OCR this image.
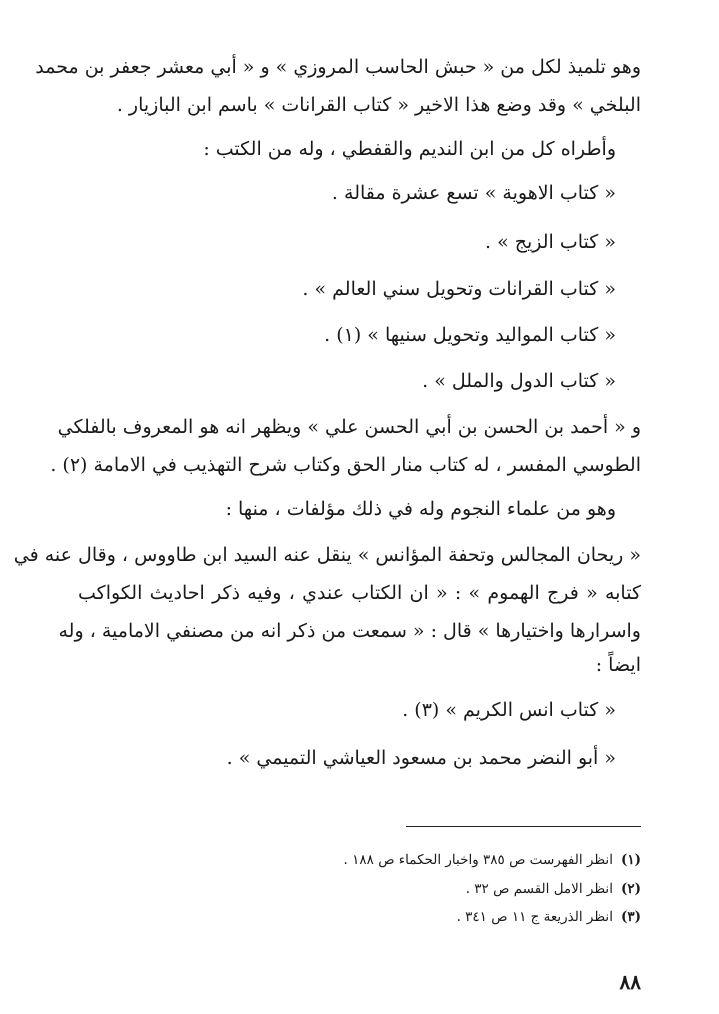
وهو تلميذ لكل من « حبش الحاسب المروزي » و « أبي معشر جعفر بن محمد
البلخي » وقد وضع هذا الاخير « كتاب القرانات » باسم ابن البازيار .
وأطراه كل من ابن النديم والقفطي ، وله من الكتب :
« كتاب الاهوية » تسع عشرة مقالة .
« كتاب الزيج » .
« كتاب القرانات وتحويل سني العالم » .
« كتاب المواليد وتحويل سنيها » (١) .
« كتاب الدول والملل » .
و « أحمد بن الحسن بن أبي الحسن علي » ويظهر انه هو المعروف بالفلكي
الطوسي المفسر ، له كتاب منار الحق وكتاب شرح التهذيب في الامامة (٢) .
وهو من علماء النجوم وله في ذلك مؤلفات ، منها :
« ريحان المجالس وتحفة المؤانس » ينقل عنه السيد ابن طاووس ، وقال عنه في
كتابه « فرج الهموم » : « ان الكتاب عندي ، وفيه ذكر احاديث الكواكب
واسرارها واختيارها » قال : « سمعت من ذكر انه من مصنفي الامامية ، وله
ايضاً :
« كتاب انس الكريم » (٣) .
« أبو النضر محمد بن مسعود العياشي التميمي » .
(١)انظر الفهرست ص ٣٨٥ واخبار الحكماء ص ١٨٨ .
(٢)انظر الامل القسم ص ٣٢ .
(٣)انظر الذريعة ج ١١ ص ٣٤١ .
٨٨
